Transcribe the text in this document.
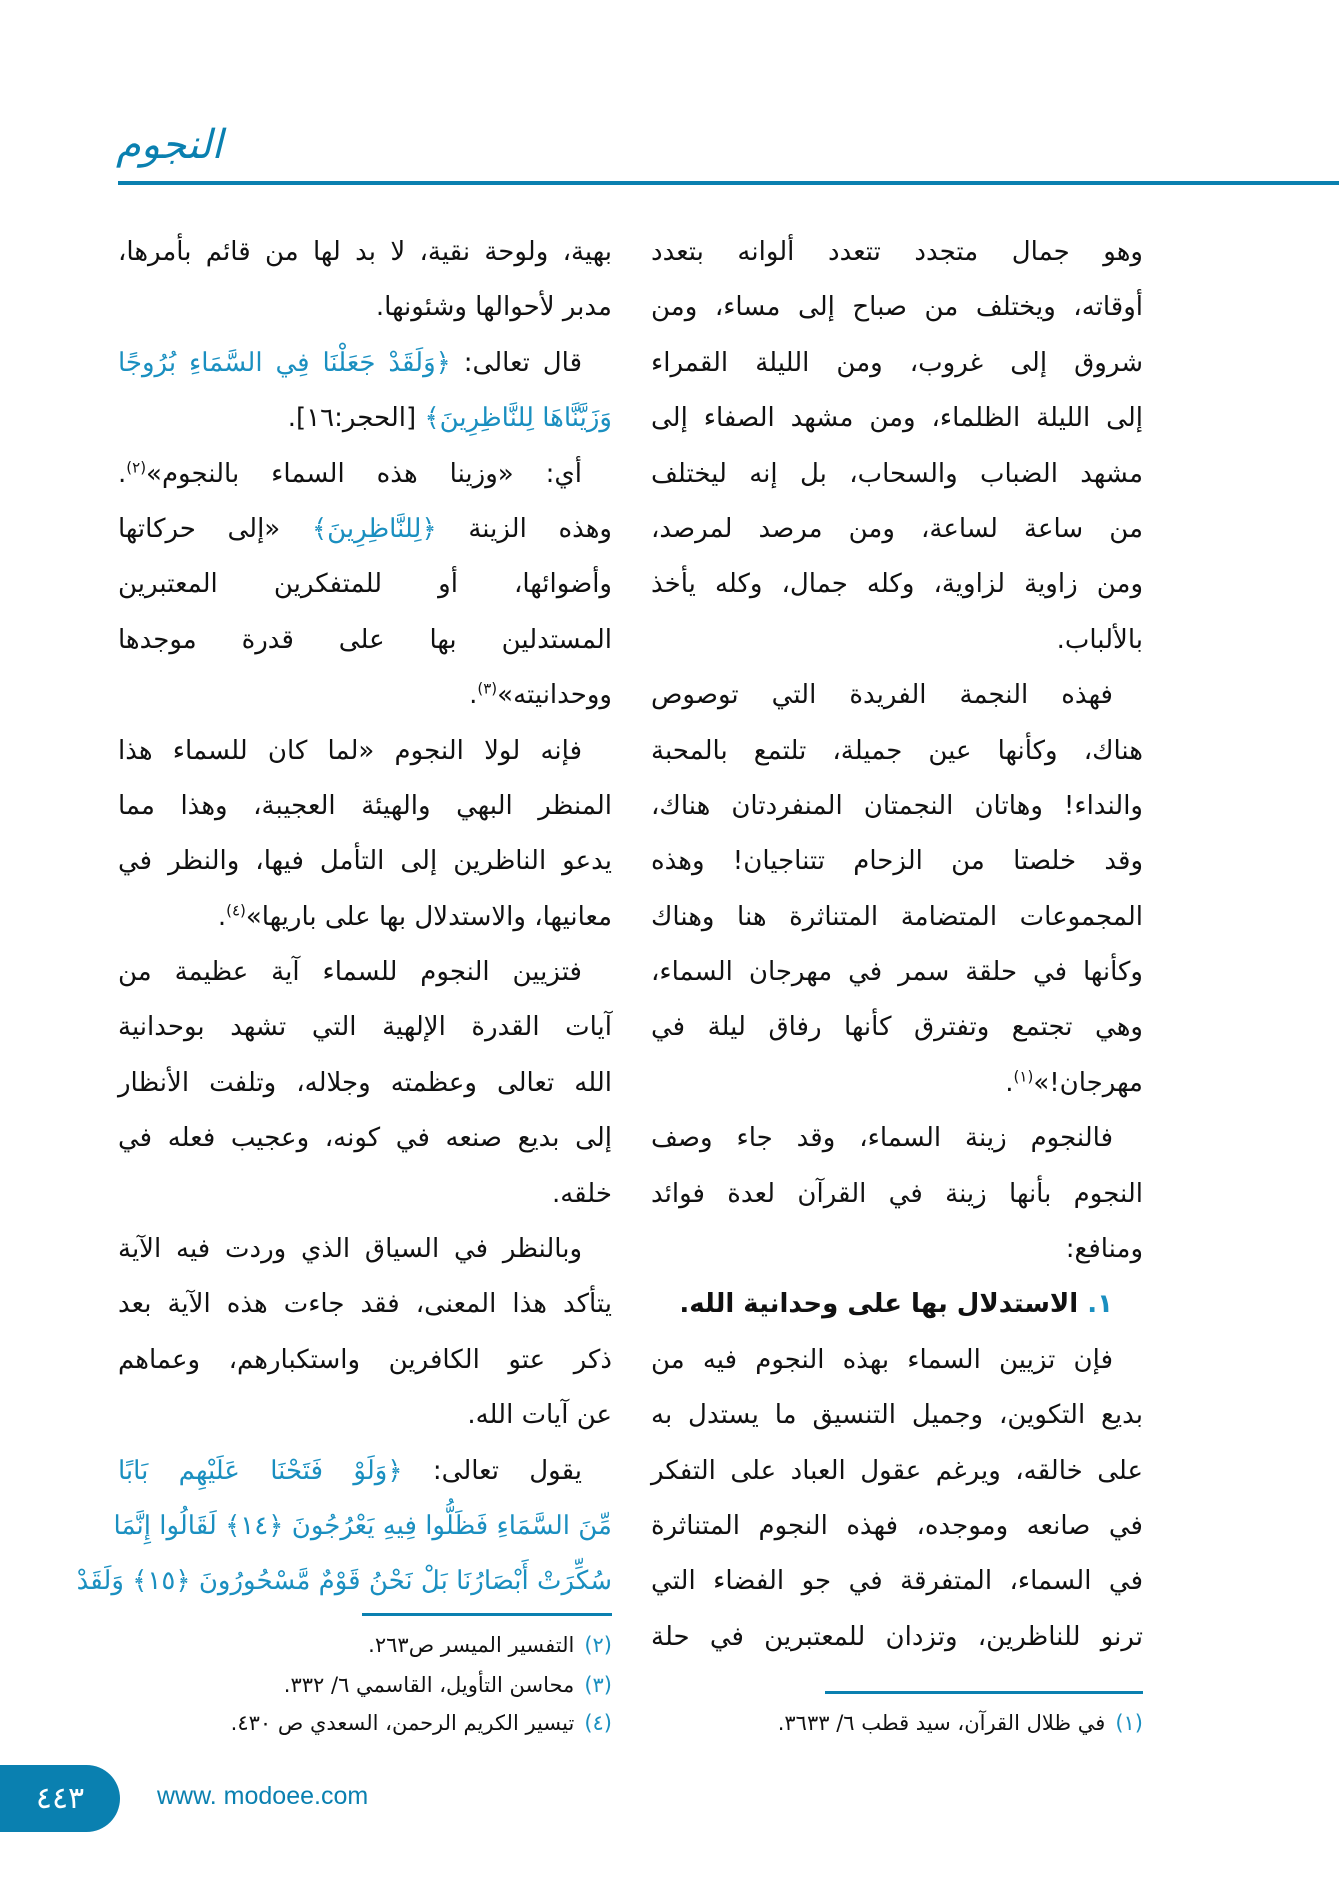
النجوم
وهو جمال متجدد تتعدد ألوانه بتعدد
أوقاته، ويختلف من صباح إلى مساء، ومن
شروق إلى غروب، ومن الليلة القمراء
إلى الليلة الظلماء، ومن مشهد الصفاء إلى
مشهد الضباب والسحاب، بل إنه ليختلف
من ساعة لساعة، ومن مرصد لمرصد،
ومن زاوية لزاوية، وكله جمال، وكله يأخذ
بالألباب.
فهذه النجمة الفريدة التي توصوص
هناك، وكأنها عين جميلة، تلتمع بالمحبة
والنداء! وهاتان النجمتان المنفردتان هناك،
وقد خلصتا من الزحام تتناجيان! وهذه
المجموعات المتضامة المتناثرة هنا وهناك
وكأنها في حلقة سمر في مهرجان السماء،
وهي تجتمع وتفترق كأنها رفاق ليلة في
مهرجان!»$^{(١)}$.
فالنجوم زينة السماء، وقد جاء وصف
النجوم بأنها زينة في القرآن لعدة فوائد
ومنافع:
١. الاستدلال بها على وحدانية الله.
فإن تزيين السماء بهذه النجوم فيه من
بديع التكوين، وجميل التنسيق ما يستدل به
على خالقه، ويرغم عقول العباد على التفكر
في صانعه وموجده، فهذه النجوم المتناثرة
في السماء، المتفرقة في جو الفضاء التي
ترنو للناظرين، وتزدان للمعتبرين في حلة
بهية، ولوحة نقية، لا بد لها من قائم بأمرها،
مدبر لأحوالها وشئونها.
قال تعالى: ﴿وَلَقَدْ جَعَلْنَا فِي السَّمَاءِ بُرُوجًا
وَزَيَّنَّاهَا لِلنَّاظِرِينَ﴾ [الحجر:١٦].
أي: «وزينا هذه السماء بالنجوم»$^{(٢)}$.
وهذه الزينة ﴿لِلنَّاظِرِينَ﴾ «إلى حركاتها
وأضوائها، أو للمتفكرين المعتبرين
المستدلين بها على قدرة موجدها
ووحدانيته»$^{(٣)}$.
فإنه لولا النجوم «لما كان للسماء هذا
المنظر البهي والهيئة العجيبة، وهذا مما
يدعو الناظرين إلى التأمل فيها، والنظر في
معانيها، والاستدلال بها على باريها»$^{(٤)}$.
فتزيين النجوم للسماء آية عظيمة من
آيات القدرة الإلهية التي تشهد بوحدانية
الله تعالى وعظمته وجلاله، وتلفت الأنظار
إلى بديع صنعه في كونه، وعجيب فعله في
خلقه.
وبالنظر في السياق الذي وردت فيه الآية
يتأكد هذا المعنى، فقد جاءت هذه الآية بعد
ذكر عتو الكافرين واستكبارهم، وعماهم
عن آيات الله.
يقول تعالى: ﴿وَلَوْ فَتَحْنَا عَلَيْهِم بَابًا
مِّنَ السَّمَاءِ فَظَلُّوا فِيهِ يَعْرُجُونَ ﴿١٤﴾ لَقَالُوا إِنَّمَا
سُكِّرَتْ أَبْصَارُنَا بَلْ نَحْنُ قَوْمٌ مَّسْحُورُونَ ﴿١٥﴾ وَلَقَدْ
(٢)التفسير الميسر ص٢٦٣.
(٣)محاسن التأويل، القاسمي ٦/ ٣٣٢.
(٤)تيسير الكريم الرحمن، السعدي ص ٤٣٠.	(١)في ظلال القرآن، سيد قطب ٦/ ٣٦٣٣.
٤٤٣	www. modoee.com
